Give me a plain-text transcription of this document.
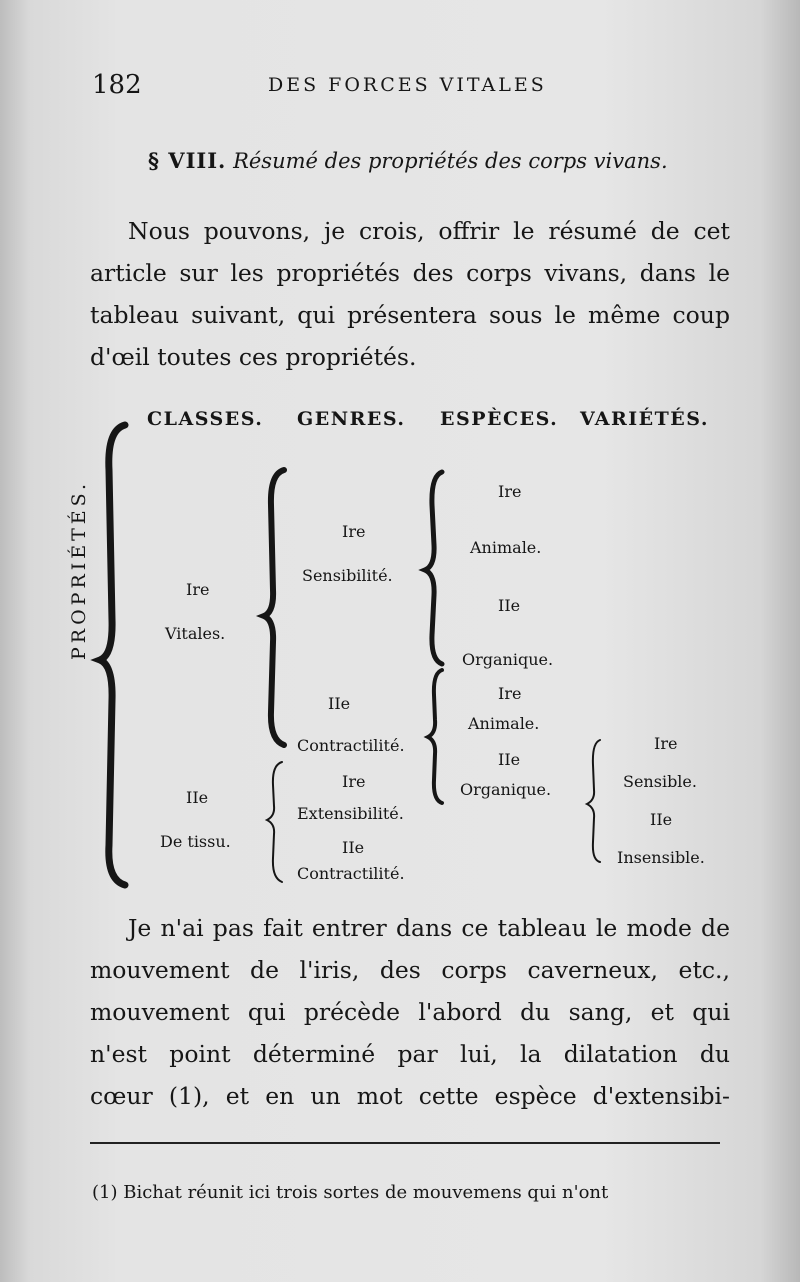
182	DES FORCES VITALES
§ VIII. Résumé des propriétés des corps vivans.
Nous pouvons, je crois, offrir le résumé de cet
article sur les propriétés des corps vivans, dans le
tableau suivant, qui présentera sous le même coup
d'œil toutes ces propriétés.
CLASSES. GENRES. ESPÈCES. VARIÉTÉS.
PROPRIÉTÉS.	Ire
Vitales.
IIe
De tissu.
Ire
Sensibilité.
IIe
Contractilité.
Ire
Extensibilité.
IIe
Contractilité.
Ire
Animale.
IIe
Organique.
Ire
Animale.
IIe
Organique.
Ire
Sensible.
IIe
Insensible.
Je n'ai pas fait entrer dans ce tableau le mode de
mouvement de l'iris, des corps caverneux, etc.,
mouvement qui précède l'abord du sang, et qui
n'est point déterminé par lui, la dilatation du
cœur (1), et en un mot cette espèce d'extensibi-
(1) Bichat réunit ici trois sortes de mouvemens qui n'ont
